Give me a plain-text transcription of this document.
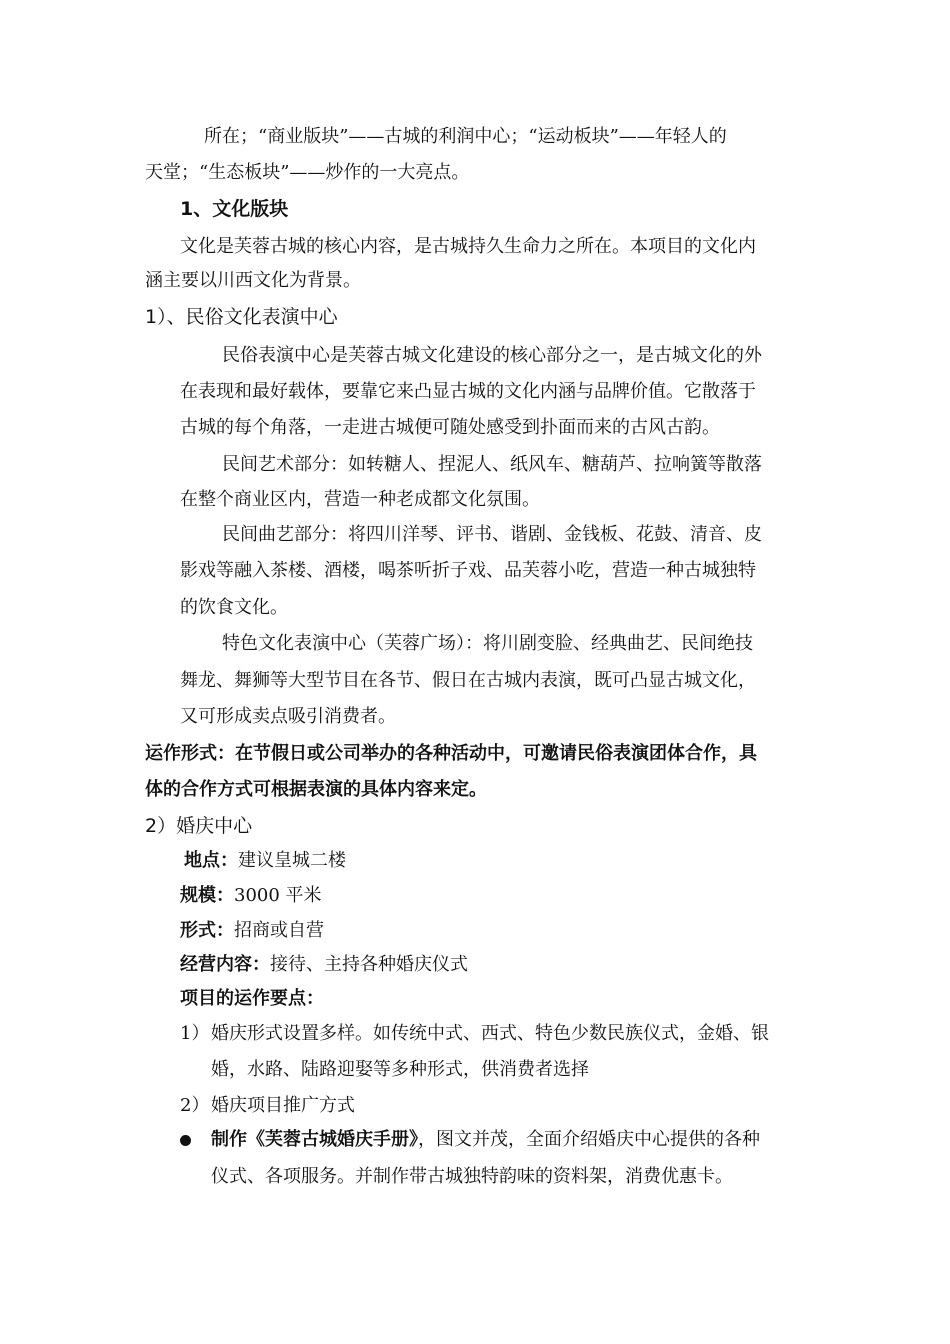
所在；“商业版块”——古城的利润中心；“运动板块”——年轻人的
天堂；“生态板块”——炒作的一大亮点。
1、文化版块
文化是芙蓉古城的核心内容，是古城持久生命力之所在。本项目的文化内
涵主要以川西文化为背景。
1）、民俗文化表演中心
民俗表演中心是芙蓉古城文化建设的核心部分之一，是古城文化的外
在表现和最好载体，要靠它来凸显古城的文化内涵与品牌价值。它散落于
古城的每个角落，一走进古城便可随处感受到扑面而来的古风古韵。
民间艺术部分：如转糖人、捏泥人、纸风车、糖葫芦、拉响簧等散落
在整个商业区内，营造一种老成都文化氛围。
民间曲艺部分：将四川洋琴、评书、谐剧、金钱板、花鼓、清音、皮
影戏等融入茶楼、酒楼，喝茶听折子戏、品芙蓉小吃，营造一种古城独特
的饮食文化。
特色文化表演中心（芙蓉广场）：将川剧变脸、经典曲艺、民间绝技
舞龙、舞狮等大型节目在各节、假日在古城内表演，既可凸显古城文化，
又可形成卖点吸引消费者。
运作形式：在节假日或公司举办的各种活动中，可邀请民俗表演团体合作，具
体的合作方式可根据表演的具体内容来定。
2）婚庆中心
地点：建议皇城二楼
规模：3000 平米
形式：招商或自营
经营内容：接待、主持各种婚庆仪式
项目的运作要点：
1） 婚庆形式设置多样。如传统中式、西式、特色少数民族仪式，金婚、银
婚，水路、陆路迎娶等多种形式，供消费者选择
2） 婚庆项目推广方式
制作《芙蓉古城婚庆手册》，图文并茂，全面介绍婚庆中心提供的各种
仪式、各项服务。并制作带古城独特韵味的资料架，消费优惠卡。
